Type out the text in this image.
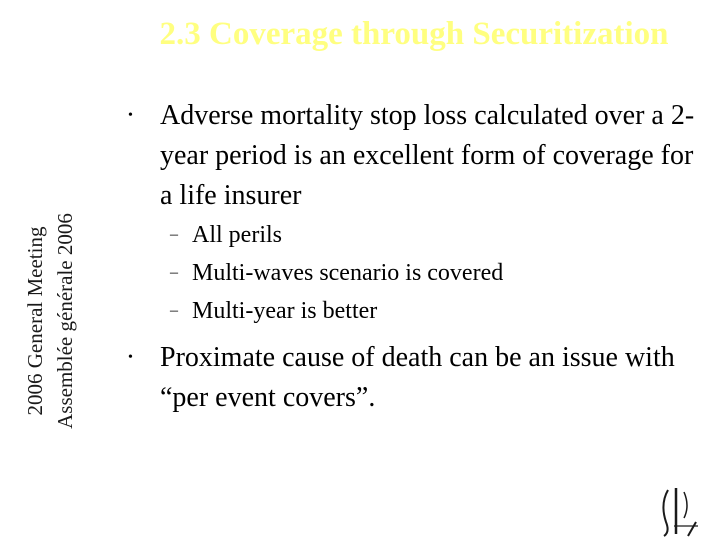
2.3 Coverage through Securitization
2006 General Meeting Assemblée générale 2006
• Adverse mortality stop loss calculated over a 2-year period is an excellent form of coverage for a life insurer
– All perils
– Multi-waves scenario is covered
– Multi-year is better
• Proximate cause of death can be an issue with “per event covers”.
